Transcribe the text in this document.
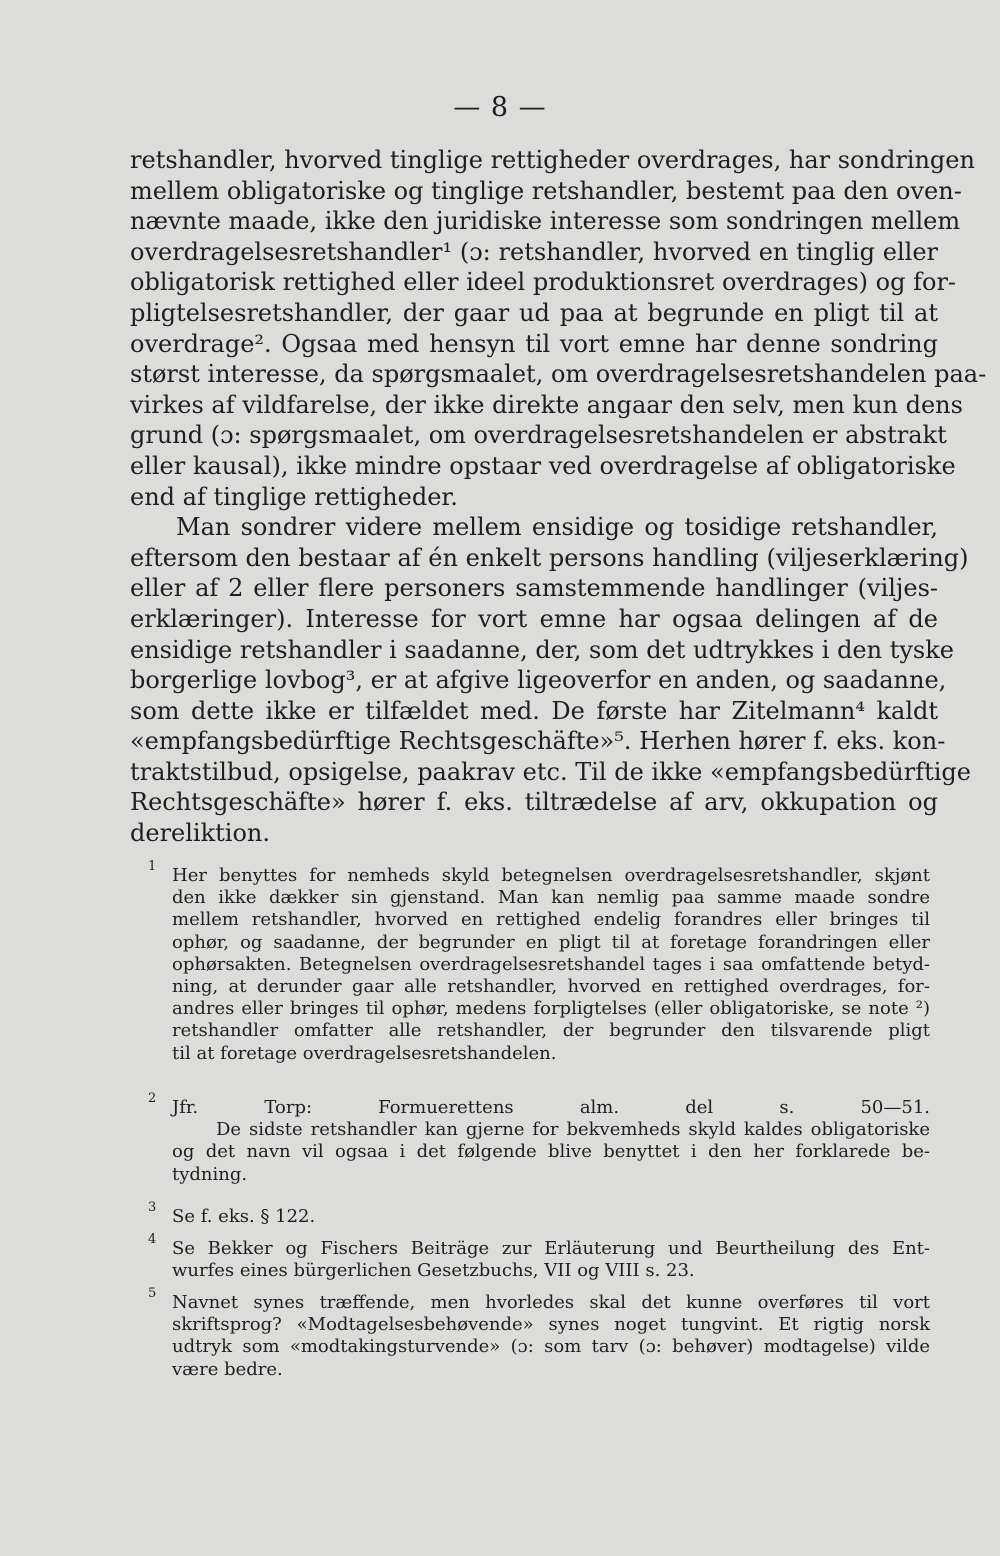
— 8 —
retshandler, hvorved tinglige rettigheder overdrages, har sondringen
mellem obligatoriske og tinglige retshandler, bestemt paa den oven-
nævnte maade, ikke den juridiske interesse som sondringen mellem
overdragelsesretshandler¹ (ɔ: retshandler, hvorved en tinglig eller
obligatorisk rettighed eller ideel produktionsret overdrages) og for-
pligtelsesretshandler, der gaar ud paa at begrunde en pligt til at
overdrage². Ogsaa med hensyn til vort emne har denne sondring
størst interesse, da spørgsmaalet, om overdragelsesretshandelen paa-
virkes af vildfarelse, der ikke direkte angaar den selv, men kun dens
grund (ɔ: spørgsmaalet, om overdragelsesretshandelen er abstrakt
eller kausal), ikke mindre opstaar ved overdragelse af obligatoriske
end af tinglige rettigheder.
Man sondrer videre mellem ensidige og tosidige retshandler,
eftersom den bestaar af én enkelt persons handling (viljeserklæring)
eller af 2 eller flere personers samstemmende handlinger (viljes-
erklæringer). Interesse for vort emne har ogsaa delingen af de
ensidige retshandler i saadanne, der, som det udtrykkes i den tyske
borgerlige lovbog³, er at afgive ligeoverfor en anden, og saadanne,
som dette ikke er tilfældet med. De første har Zitelmann⁴ kaldt
«empfangsbedürftige Rechtsgeschäfte»⁵. Herhen hører f. eks. kon-
traktstilbud, opsigelse, paakrav etc. Til de ikke «empfangsbedürftige
Rechtsgeschäfte» hører f. eks. tiltrædelse af arv, okkupation og
dereliktion.
1 Her benyttes for nemheds skyld betegnelsen overdragelsesretshandler, skjønt
den ikke dækker sin gjenstand. Man kan nemlig paa samme maade sondre
mellem retshandler, hvorved en rettighed endelig forandres eller bringes til
ophør, og saadanne, der begrunder en pligt til at foretage forandringen eller
ophørsakten. Betegnelsen overdragelsesretshandel tages i saa omfattende betyd-
ning, at derunder gaar alle retshandler, hvorved en rettighed overdrages, for-
andres eller bringes til ophør, medens forpligtelses (eller obligatoriske, se note ²)
retshandler omfatter alle retshandler, der begrunder den tilsvarende pligt
til at foretage overdragelsesretshandelen.
2 Jfr. Torp: Formuerettens alm. del s. 50—51.
De sidste retshandler kan gjerne for bekvemheds skyld kaldes obligatoriske
og det navn vil ogsaa i det følgende blive benyttet i den her forklarede be-
tydning.
3 Se f. eks. § 122.
4 Se Bekker og Fischers Beiträge zur Erläuterung und Beurtheilung des Ent-
wurfes eines bürgerlichen Gesetzbuchs, VII og VIII s. 23.
5 Navnet synes træffende, men hvorledes skal det kunne overføres til vort
skriftsprog? «Modtagelsesbehøvende» synes noget tungvint. Et rigtig norsk
udtryk som «modtakingsturvende» (ɔ: som tarv (ɔ: behøver) modtagelse) vilde
være bedre.
